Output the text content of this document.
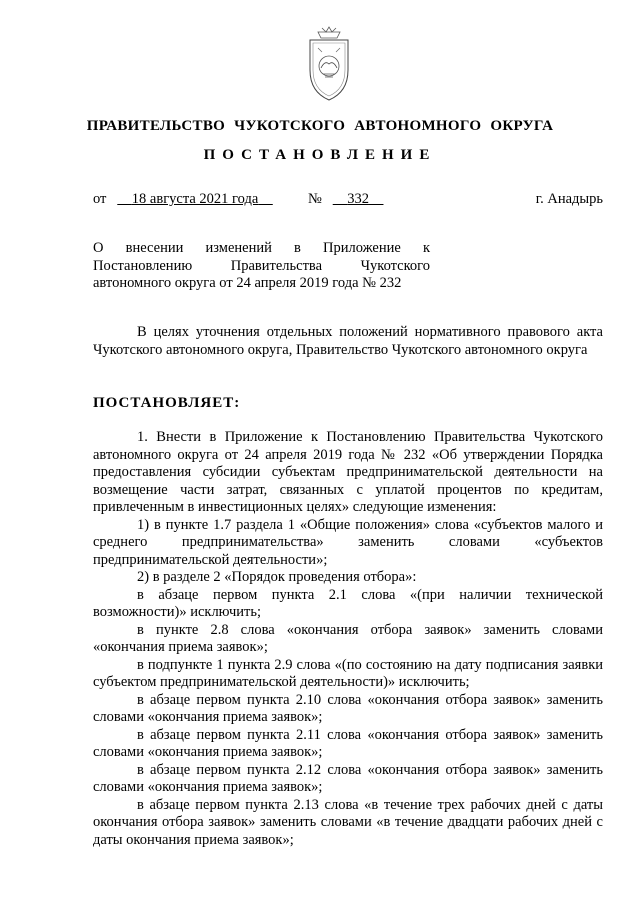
ПРАВИТЕЛЬСТВО ЧУКОТСКОГО АВТОНОМНОГО ОКРУГА
ПОСТАНОВЛЕНИЕ
от 18 августа 2021 года	№ 332	г. Анадырь
О внесении изменений в Приложение к
Постановлению Правительства Чукотского
автономного округа от 24 апреля 2019 года № 232

В целях уточнения отдельных положений нормативного правового акта Чукотского автономного округа, Правительство Чукотского автономного округа

ПОСТАНОВЛЯЕТ:

1. Внести в Приложение к Постановлению Правительства Чукотского автономного округа от 24 апреля 2019 года № 232 «Об утверждении Порядка предоставления субсидии субъектам предпринимательской деятельности на возмещение части затрат, связанных с уплатой процентов по кредитам, привлеченным в инвестиционных целях» следующие изменения:

1) в пункте 1.7 раздела 1 «Общие положения» слова «субъектов малого и среднего предпринимательства» заменить словами «субъектов предпринимательской деятельности»;

2) в разделе 2 «Порядок проведения отбора»:

в абзаце первом пункта 2.1 слова «(при наличии технической возможности)» исключить;

в пункте 2.8 слова «окончания отбора заявок» заменить словами «окончания приема заявок»;

в подпункте 1 пункта 2.9 слова «(по состоянию на дату подписания заявки субъектом предпринимательской деятельности)» исключить;

в абзаце первом пункта 2.10 слова «окончания отбора заявок» заменить словами «окончания приема заявок»;

в абзаце первом пункта 2.11 слова «окончания отбора заявок» заменить словами «окончания приема заявок»;

в абзаце первом пункта 2.12 слова «окончания отбора заявок» заменить словами «окончания приема заявок»;

в абзаце первом пункта 2.13 слова «в течение трех рабочих дней с даты окончания отбора заявок» заменить словами «в течение двадцати рабочих дней с даты окончания приема заявок»;
